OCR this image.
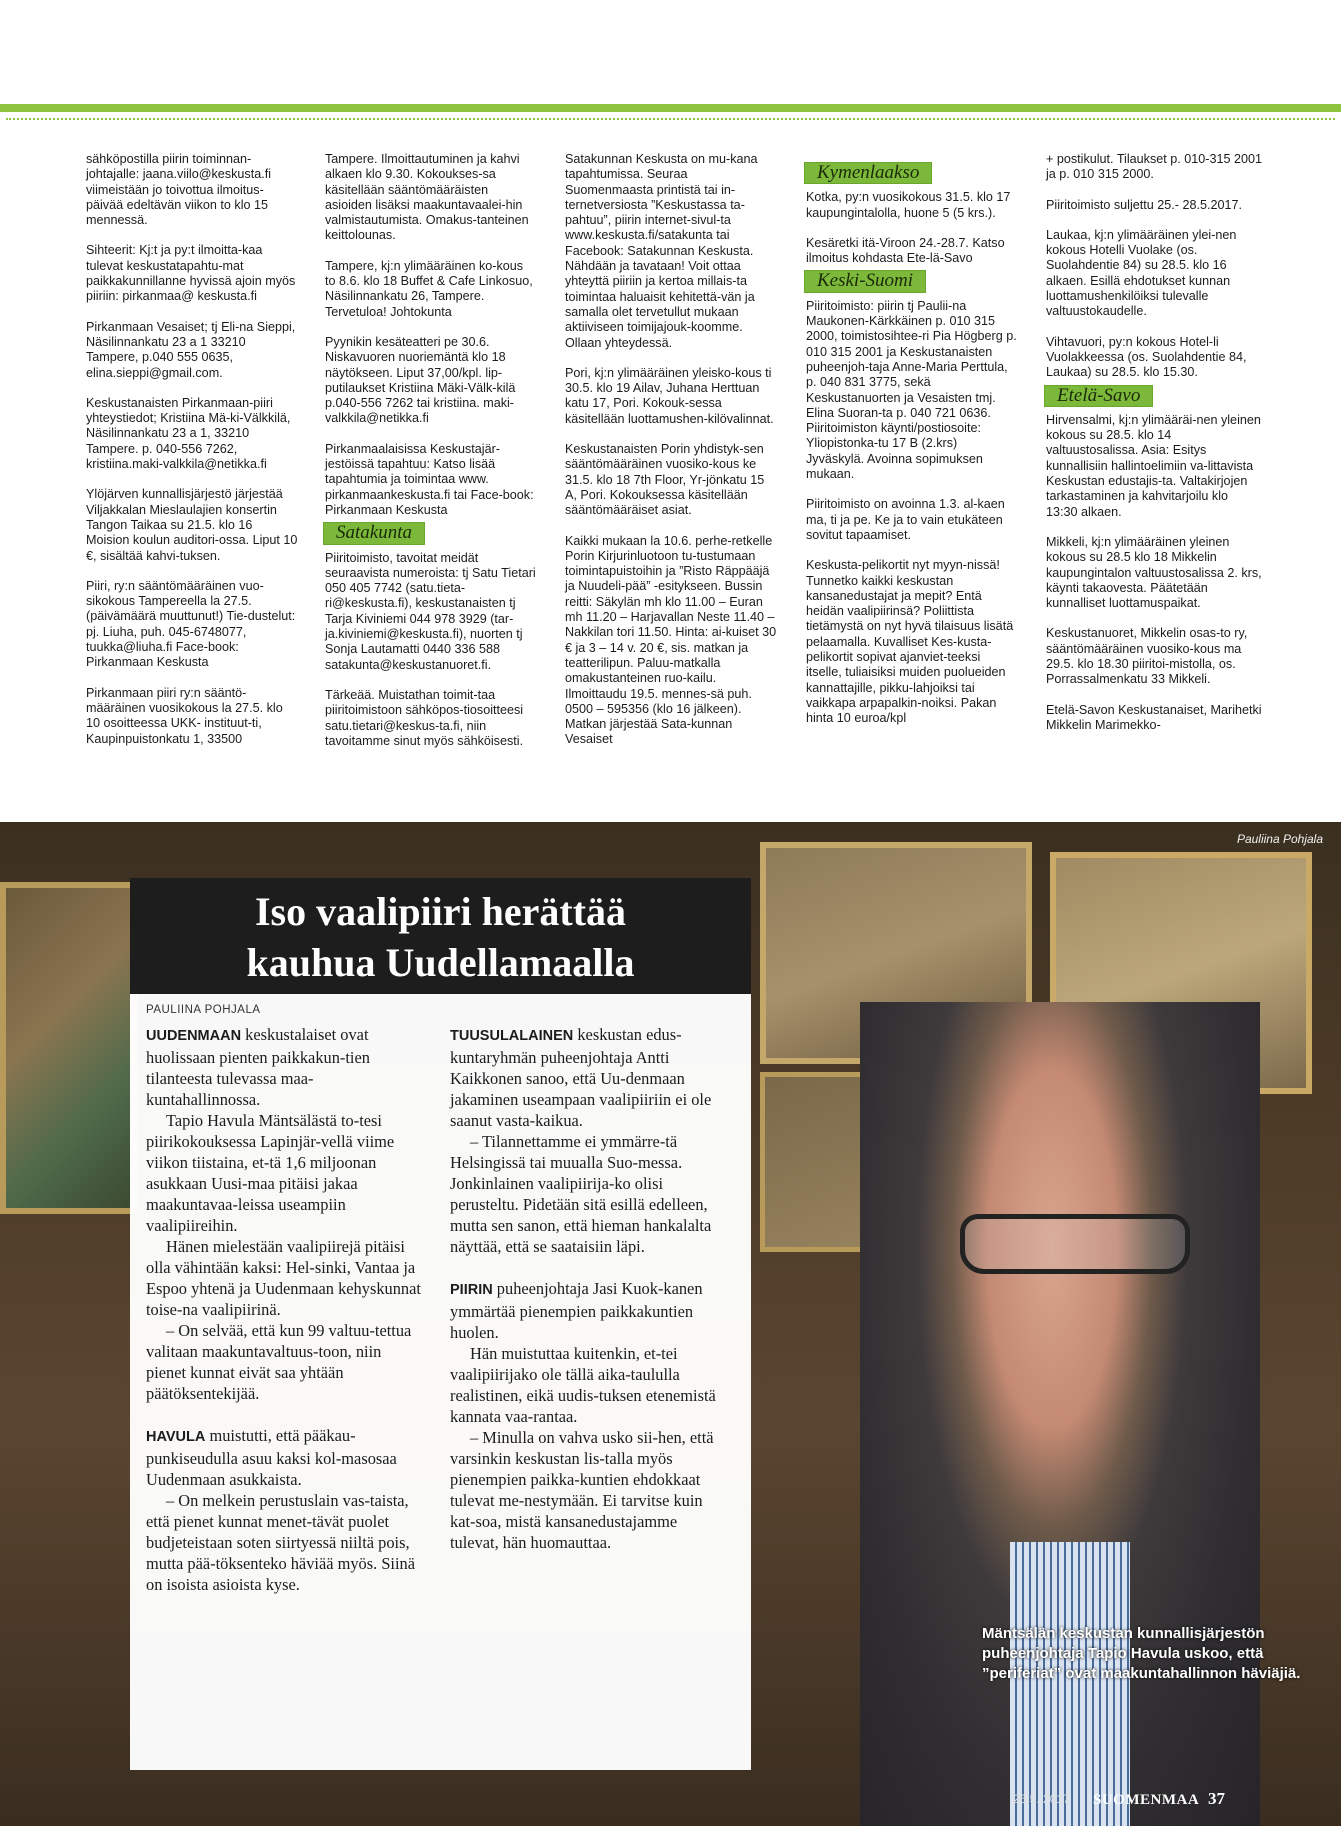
sähköpostilla piirin toiminnan-johtajalle: jaana.viilo@keskusta.fi viimeistään jo toivottua ilmoitus-päivää edeltävän viikon to klo 15 mennessä.

Sihteerit: Kj:t ja py:t ilmoitta-kaa tulevat keskustatapahtu-mat paikkakunnillanne hyvissä ajoin myös piiriin: pirkanmaa@ keskusta.fi

Pirkanmaan Vesaiset; tj Eli-na Sieppi, Näsilinnankatu 23 a 1 33210 Tampere, p.040 555 0635, elina.sieppi@gmail.com.

Keskustanaisten Pirkanmaan-piiri yhteystiedot; Kristiina Mä-ki-Välkkilä, Näsilinnankatu 23 a 1, 33210 Tampere. p. 040-556 7262, kristiina.maki-valkkila@netikka.fi

Ylöjärven kunnallisjärjestö järjestää Viljakkalan Mieslaulajien konsertin Tangon Taikaa su 21.5. klo 16 Moision koulun auditori-ossa. Liput 10 €, sisältää kahvi-tuksen.

Piiri, ry:n sääntömääräinen vuo-sikokous Tampereella la 27.5. (päivämäärä muuttunut!) Tie-dustelut: pj. Liuha, puh. 045-6748077, tuukka@liuha.fi Face-book: Pirkanmaan Keskusta

Pirkanmaan piiri ry:n sääntö-määräinen vuosikokous la 27.5. klo 10 osoitteessa UKK- instituut-ti, Kaupinpuistonkatu 1, 33500

Tampere. Ilmoittautuminen ja kahvi alkaen klo 9.30. Kokoukses-sa käsitellään sääntömääräisten asioiden lisäksi maakuntavaalei-hin valmistautumista. Omakus-tanteinen keittolounas.

Tampere, kj:n ylimääräinen ko-kous to 8.6. klo 18 Buffet & Cafe Linkosuo, Näsilinnankatu 26, Tampere. Tervetuloa! Johtokunta

Pyynikin kesäteatteri pe 30.6. Niskavuoren nuoriemäntä klo 18 näytökseen. Liput 37,00/kpl. lip-putilaukset Kristiina Mäki-Välk-kilä p.040-556 7262 tai kristiina. maki-valkkila@netikka.fi

Pirkanmaalaisissa Keskustajär-jestöissä tapahtuu: Katso lisää tapahtumia ja toimintaa www. pirkanmaankeskusta.fi tai Face-book: Pirkanmaan Keskusta

Satakunta

Piiritoimisto, tavoitat meidät seuraavista numeroista: tj Satu Tietari 050 405 7742 (satu.tieta-ri@keskusta.fi), keskustanaisten tj Tarja Kiviniemi 044 978 3929 (tar-ja.kiviniemi@keskusta.fi), nuorten tj Sonja Lautamatti 0440 336 588 satakunta@keskustanuoret.fi.

Tärkeää. Muistathan toimit-taa piiritoimistoon sähköpos-tiosoitteesi satu.tietari@keskus-ta.fi, niin tavoitamme sinut myös sähköisesti.

Satakunnan Keskusta on mu-kana tapahtumissa. Seuraa Suomenmaasta printistä tai in-ternetversiosta ”Keskustassa ta-pahtuu”, piirin internet-sivul-ta www.keskusta.fi/satakunta tai Facebook: Satakunnan Keskusta. Nähdään ja tavataan! Voit ottaa yhteyttä piiriin ja kertoa millais-ta toimintaa haluaisit kehitettä-vän ja samalla olet tervetullut mukaan aktiiviseen toimijajouk-koomme. Ollaan yhteydessä.

Pori, kj:n ylimääräinen yleisko-kous ti 30.5. klo 19 Ailav, Juhana Herttuan katu 17, Pori. Kokouk-sessa käsitellään luottamushen-kilövalinnat.

Keskustanaisten Porin yhdistyk-sen sääntömääräinen vuosiko-kous ke 31.5. klo 18 7th Floor, Yr-jönkatu 15 A, Pori. Kokouksessa käsitellään sääntömääräiset asiat.

Kaikki mukaan la 10.6. perhe-retkelle Porin Kirjurinluotoon tu-tustumaan toimintapuistoihin ja ”Risto Räppääjä ja Nuudeli-pää” -esitykseen. Bussin reitti: Säkylän mh klo 11.00 – Euran mh 11.20 – Harjavallan Neste 11.40 – Nakkilan tori 11.50. Hinta: ai-kuiset 30 € ja 3 – 14 v. 20 €, sis. matkan ja teatterilipun. Paluu-matkalla omakustanteinen ruo-kailu. Ilmoittaudu 19.5. mennes-sä puh. 0500 – 595356 (klo 16 jälkeen). Matkan järjestää Sata-kunnan Vesaiset

Kymenlaakso

Kotka, py:n vuosikokous 31.5. klo 17 kaupungintalolla, huone 5 (5 krs.).

Kesäretki itä-Viroon 24.-28.7. Katso ilmoitus kohdasta Ete-lä-Savo

Keski-Suomi

Piiritoimisto: piirin tj Paulii-na Maukonen-Kärkkäinen p. 010 315 2000, toimistosihtee-ri Pia Högberg p. 010 315 2001 ja Keskustanaisten puheenjoh-taja Anne-Maria Perttula, p. 040 831 3775, sekä Keskustanuorten ja Vesaisten tmj. Elina Suoran-ta p. 040 721 0636. Piiritoimiston käynti/postiosoite: Yliopistonka-tu 17 B (2.krs) Jyväskylä. Avoinna sopimuksen mukaan.

Piiritoimisto on avoinna 1.3. al-kaen ma, ti ja pe. Ke ja to vain etukäteen sovitut tapaamiset.

Keskusta-pelikortit nyt myyn-nissä! Tunnetko kaikki keskustan kansanedustajat ja mepit? Entä heidän vaalipiirinsä? Poliittista tietämystä on nyt hyvä tilaisuus lisätä pelaamalla. Kuvalliset Kes-kusta-pelikortit sopivat ajanviet-teeksi itselle, tuliaisiksi muiden puolueiden kannattajille, pikku-lahjoiksi tai vaikkapa arpapalkin-noiksi. Pakan hinta 10 euroa/kpl

+ postikulut. Tilaukset p. 010-315 2001 ja p. 010 315 2000.

Piiritoimisto suljettu 25.- 28.5.2017.

Laukaa, kj:n ylimääräinen ylei-nen kokous Hotelli Vuolake (os. Suolahdentie 84) su 28.5. klo 16 alkaen. Esillä ehdotukset kunnan luottamushenkilöiksi tulevalle valtuustokaudelle.

Vihtavuori, py:n kokous Hotel-li Vuolakkeessa (os. Suolahdentie 84, Laukaa) su 28.5. klo 15.30.

Etelä-Savo

Hirvensalmi, kj:n ylimääräi-nen yleinen kokous su 28.5. klo 14 valtuustosalissa. Asia: Esitys kunnallisiin hallintoelimiin va-littavista Keskustan edustajis-ta. Valtakirjojen tarkastaminen ja kahvitarjoilu klo 13:30 alkaen.

Mikkeli, kj:n ylimääräinen yleinen kokous su 28.5 klo 18 Mikkelin kaupungintalon valtuustosalissa 2. krs, käynti takaovesta. Päätetään kunnalliset luottamuspaikat.

Keskustanuoret, Mikkelin osas-to ry, sääntömääräinen vuosiko-kous ma 29.5. klo 18.30 piiritoi-mistolla, os. Porrassalmenkatu 33 Mikkeli.

Etelä-Savon Keskustanaiset, Marihetki Mikkelin Marimekko-

Pauliina Pohjala
Iso vaalipiiri herättää
kauhua Uudellamaalla
PAULIINA POHJALA

UUDENMAAN keskustalaiset ovat huolissaan pienten paikkakun-tien tilanteesta tulevassa maa-kuntahallinnossa.

Tapio Havula Mäntsälästä to-tesi piirikokouksessa Lapinjär-vellä viime viikon tiistaina, et-tä 1,6 miljoonan asukkaan Uusi-maa pitäisi jakaa maakuntavaa-leissa useampiin vaalipiireihin.

Hänen mielestään vaalipiirejä pitäisi olla vähintään kaksi: Hel-sinki, Vantaa ja Espoo yhtenä ja Uudenmaan kehyskunnat toise-na vaalipiirinä.

– On selvää, että kun 99 valtuu-tettua valitaan maakuntavaltuus-toon, niin pienet kunnat eivät saa yhtään päätöksentekijää.

HAVULA muistutti, että pääkau-punkiseudulla asuu kaksi kol-masosaa Uudenmaan asukkaista.

– On melkein perustuslain vas-taista, että pienet kunnat menet-tävät puolet budjeteistaan soten siirtyessä niiltä pois, mutta pää-töksenteko häviää myös. Siinä on isoista asioista kyse.

TUUSULALAINEN keskustan edus-kuntaryhmän puheenjohtaja Antti Kaikkonen sanoo, että Uu-denmaan jakaminen useampaan vaalipiiriin ei ole saanut vasta-kaikua.

– Tilannettamme ei ymmärre-tä Helsingissä tai muualla Suo-messa. Jonkinlainen vaalipiirija-ko olisi perusteltu. Pidetään sitä esillä edelleen, mutta sen sanon, että hieman hankalalta näyttää, että se saataisiin läpi.

PIIRIN puheenjohtaja Jasi Kuok-kanen ymmärtää pienempien paikkakuntien huolen.

Hän muistuttaa kuitenkin, et-tei vaalipiirijako ole tällä aika-taululla realistinen, eikä uudis-tuksen etenemistä kannata vaa-rantaa.

– Minulla on vahva usko sii-hen, että varsinkin keskustan lis-talla myös pienempien paikka-kuntien ehdokkaat tulevat me-nestymään. Ei tarvitse kuin kat-soa, mistä kansanedustajamme tulevat, hän huomauttaa.

Mäntsälän keskustan kunnallisjärjestön puheenjohtaja Tapio Havula uskoo, että ”periferiat” ovat maakuntahallinnon häviäjiä.
26.5. 2017 SUOMENMAA 37
